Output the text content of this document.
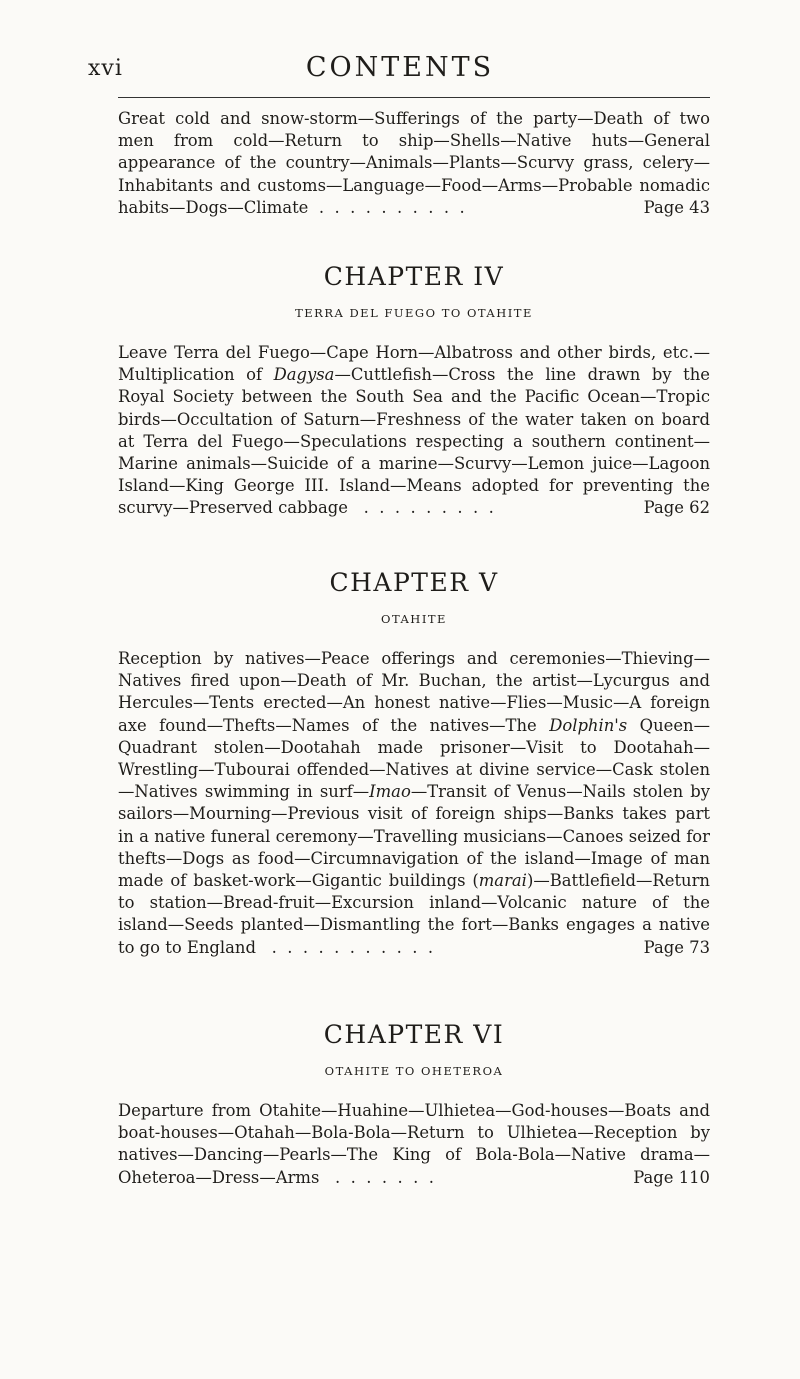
xvi	CONTENTS
Great cold and snow-storm—Sufferings of the party—Death of two men from cold—Return to ship—Shells—Native huts—General appearance of the country—Animals—Plants—Scurvy grass, celery—Inhabitants and customs—Language—Food—Arms—Probable nomadic habits—Dogs—Climate  .  .  .  .  .  .  .  .  .  .	Page 43
CHAPTER IV
TERRA DEL FUEGO TO OTAHITE
Leave Terra del Fuego—Cape Horn—Albatross and other birds, etc.—Multiplication of Dagysa—Cuttlefish—Cross the line drawn by the Royal Society between the South Sea and the Pacific Ocean—Tropic birds—Occultation of Saturn—Freshness of the water taken on board at Terra del Fuego—Speculations respecting a southern continent—Marine animals—Suicide of a marine—Scurvy—Lemon juice—Lagoon Island—King George III. Island—Means adopted for preventing the scurvy—Preserved cabbage   .  .  .  .  .  .  .  .  .	Page 62
CHAPTER V
OTAHITE
Reception by natives—Peace offerings and ceremonies—Thieving—Natives fired upon—Death of Mr. Buchan, the artist—Lycurgus and Hercules—Tents erected—An honest native—Flies—Music—A foreign axe found—Thefts—Names of the natives—The Dolphin's Queen—Quadrant stolen—Dootahah made prisoner—Visit to Dootahah—Wrestling—Tubourai offended—Natives at divine service—Cask stolen—Natives swimming in surf—Imao—Transit of Venus—Nails stolen by sailors—Mourning—Previous visit of foreign ships—Banks takes part in a native funeral ceremony—Travelling musicians—Canoes seized for thefts—Dogs as food—Circumnavigation of the island—Image of man made of basket-work—Gigantic buildings (marai)—Battlefield—Return to station—Bread-fruit—Excursion inland—Volcanic nature of the island—Seeds planted—Dismantling the fort—Banks engages a native to go to England   .  .  .  .  .  .  .  .  .  .  .	Page 73
CHAPTER VI
OTAHITE TO OHETEROA
Departure from Otahite—Huahine—Ulhietea—God-houses—Boats and boat-houses—Otahah—Bola-Bola—Return to Ulhietea—Reception by natives—Dancing—Pearls—The King of Bola-Bola—Native drama—Oheteroa—Dress—Arms   .  .  .  .  .  .  .	Page 110
